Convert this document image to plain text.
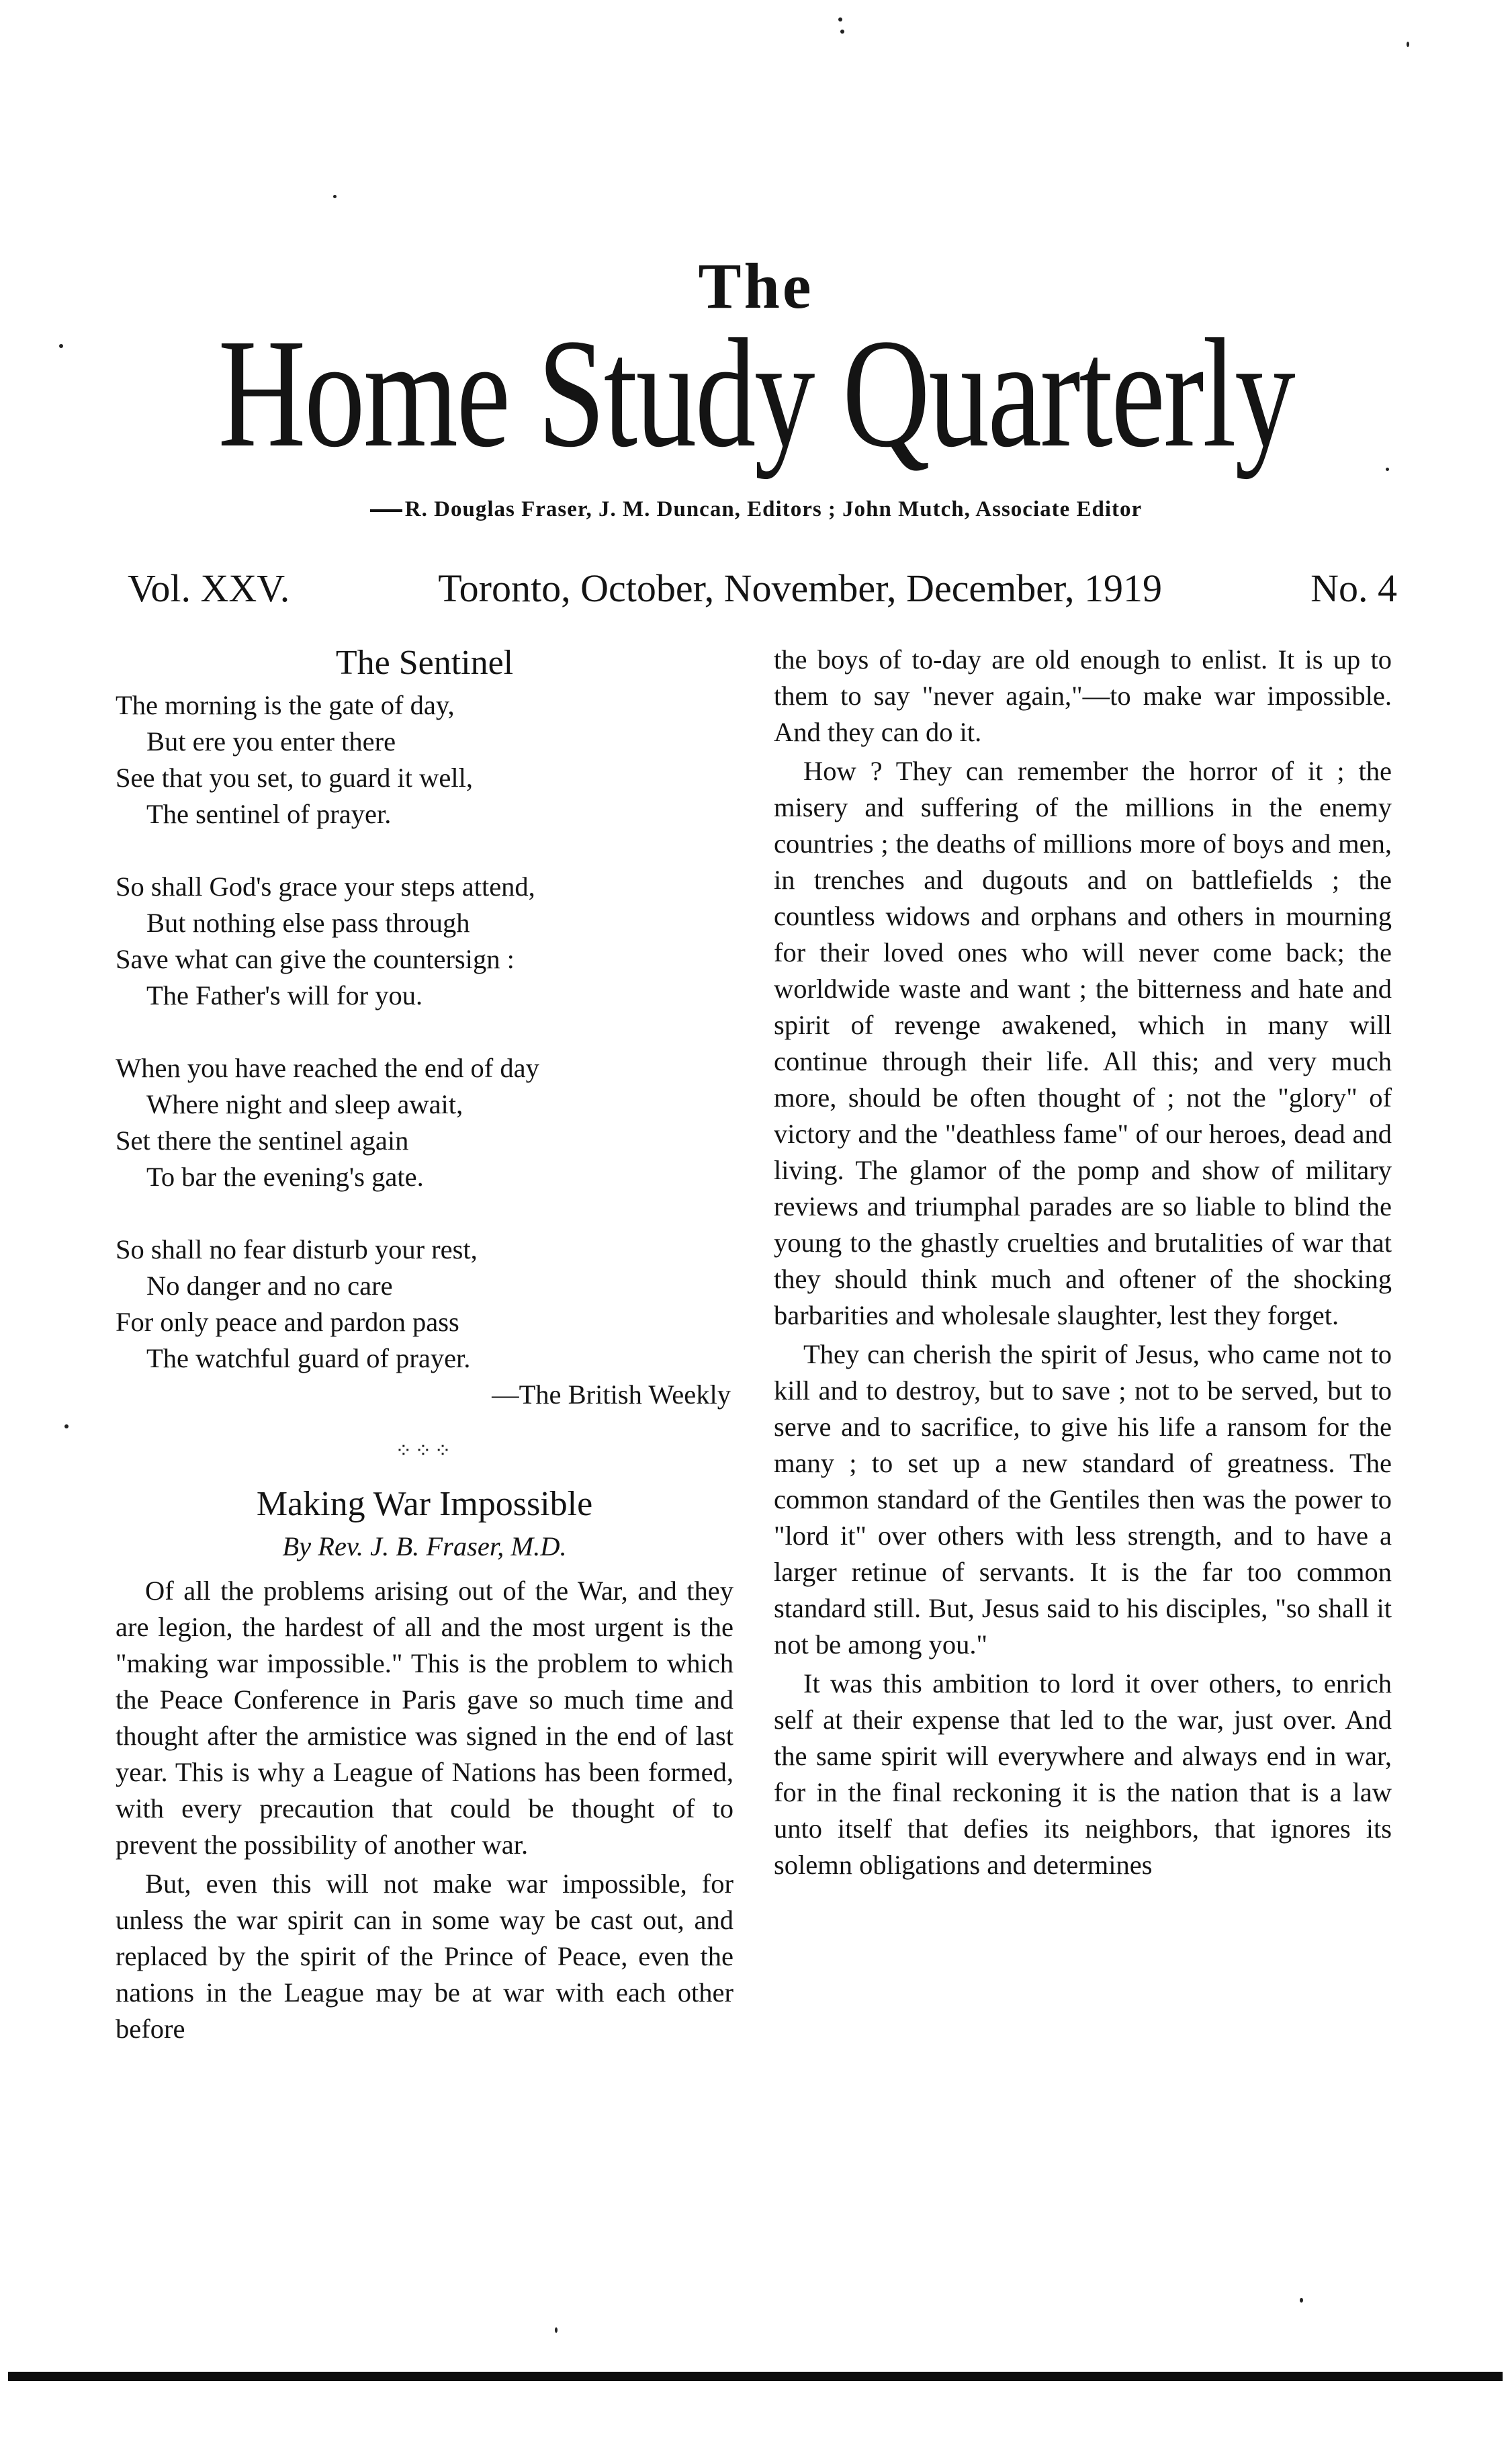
The
Home Study Quarterly
R. Douglas Fraser, J. M. Duncan, Editors ; John Mutch, Associate Editor
Vol. XXV.	Toronto, October, November, December, 1919	No. 4
The Sentinel
The morning is the gate of day,
But ere you enter there
See that you set, to guard it well,
The sentinel of prayer.
So shall God's grace your steps attend,
But nothing else pass through
Save what can give the countersign :
The Father's will for you.
When you have reached the end of day
Where night and sleep await,
Set there the sentinel again
To bar the evening's gate.
So shall no fear disturb your rest,
No danger and no care
For only peace and pardon pass
The watchful guard of prayer.
—The British Weekly
⁘⁘⁘
Making War Impossible
By Rev. J. B. Fraser, M.D.

Of all the problems arising out of the War, and they are legion, the hardest of all and the most urgent is the "making war impossible." This is the problem to which the Peace Conference in Paris gave so much time and thought after the armistice was signed in the end of last year. This is why a League of Nations has been formed, with every precaution that could be thought of to prevent the possibility of another war.

But, even this will not make war impossible, for unless the war spirit can in some way be cast out, and replaced by the spirit of the Prince of Peace, even the nations in the League may be at war with each other before

the boys of to-day are old enough to enlist. It is up to them to say "never again,"—to make war impossible. And they can do it.

How ? They can remember the horror of it ; the misery and suffering of the millions in the enemy countries ; the deaths of millions more of boys and men, in trenches and dugouts and on battlefields ; the countless widows and orphans and others in mourning for their loved ones who will never come back; the worldwide waste and want ; the bitterness and hate and spirit of revenge awakened, which in many will continue through their life. All this; and very much more, should be often thought of ; not the "glory" of victory and the "deathless fame" of our heroes, dead and living. The glamor of the pomp and show of military reviews and triumphal parades are so liable to blind the young to the ghastly cruelties and brutalities of war that they should think much and oftener of the shocking barbarities and wholesale slaughter, lest they forget.

They can cherish the spirit of Jesus, who came not to kill and to destroy, but to save ; not to be served, but to serve and to sacrifice, to give his life a ransom for the many ; to set up a new standard of greatness. The common standard of the Gentiles then was the power to "lord it" over others with less strength, and to have a larger retinue of servants. It is the far too common standard still. But, Jesus said to his disciples, "so shall it not be among you."

It was this ambition to lord it over others, to enrich self at their expense that led to the war, just over. And the same spirit will everywhere and always end in war, for in the final reckoning it is the nation that is a law unto itself that defies its neighbors, that ignores its solemn obligations and determines
